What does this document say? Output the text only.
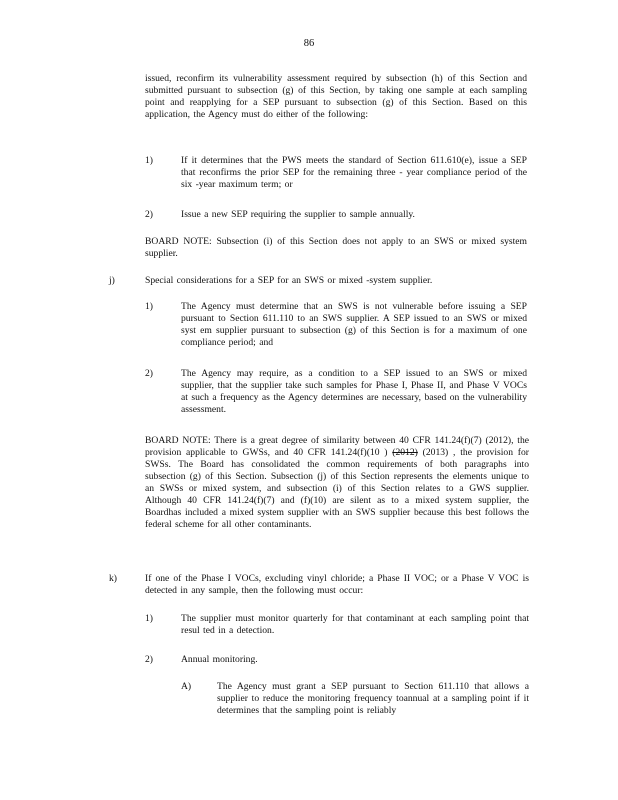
86
issued, reconfirm its vulnerability assessment required by subsection (h) of this Section and submitted pursuant to subsection (g) of this Section, by taking one sample at each sampling point and reapplying for a SEP pursuant to subsection (g) of this Section. Based on this application, the Agency must do either of the following:
1)	If it determines that the PWS meets the standard of Section 611.610(e), issue a SEP that reconfirms the prior SEP for the remaining three - year compliance period of the six -year maximum term; or
2)	Issue a new SEP requiring the supplier to sample annually.
BOARD NOTE: Subsection (i) of this Section does not apply to an SWS or mixed system supplier.
j)	Special considerations for a SEP for an SWS or mixed -system supplier.
1)	The Agency must determine that an SWS is not vulnerable before issuing a SEP pursuant to Section 611.110 to an SWS supplier. A SEP issued to an SWS or mixed syst em supplier pursuant to subsection (g) of this Section is for a maximum of one compliance period; and
2)	The Agency may require, as a condition to a SEP issued to an SWS or mixed supplier, that the supplier take such samples for Phase I, Phase II, and Phase V VOCs at such a frequency as the Agency determines are necessary, based on the vulnerability assessment.
BOARD NOTE: There is a great degree of similarity between 40 CFR 141.24(f)(7) (2012), the provision applicable to GWSs, and 40 CFR 141.24(f)(10 ) (2012) (2013) , the provision for SWSs. The Board has consolidated the common requirements of both paragraphs into subsection (g) of this Section. Subsection (j) of this Section represents the elements unique to an SWSs or mixed system, and subsection (i) of this Section relates to a GWS supplier. Although 40 CFR 141.24(f)(7) and (f)(10) are silent as to a mixed system supplier, the Boardhas included a mixed system supplier with an SWS supplier because this best follows the federal scheme for all other contaminants.
k)	If one of the Phase I VOCs, excluding vinyl chloride; a Phase II VOC; or a Phase V VOC is detected in any sample, then the following must occur:
1)	The supplier must monitor quarterly for that contaminant at each sampling point that resul ted in a detection.
2)	Annual monitoring.
A)	The Agency must grant a SEP pursuant to Section 611.110 that allows a supplier to reduce the monitoring frequency toannual at a sampling point if it determines that the sampling point is reliably
